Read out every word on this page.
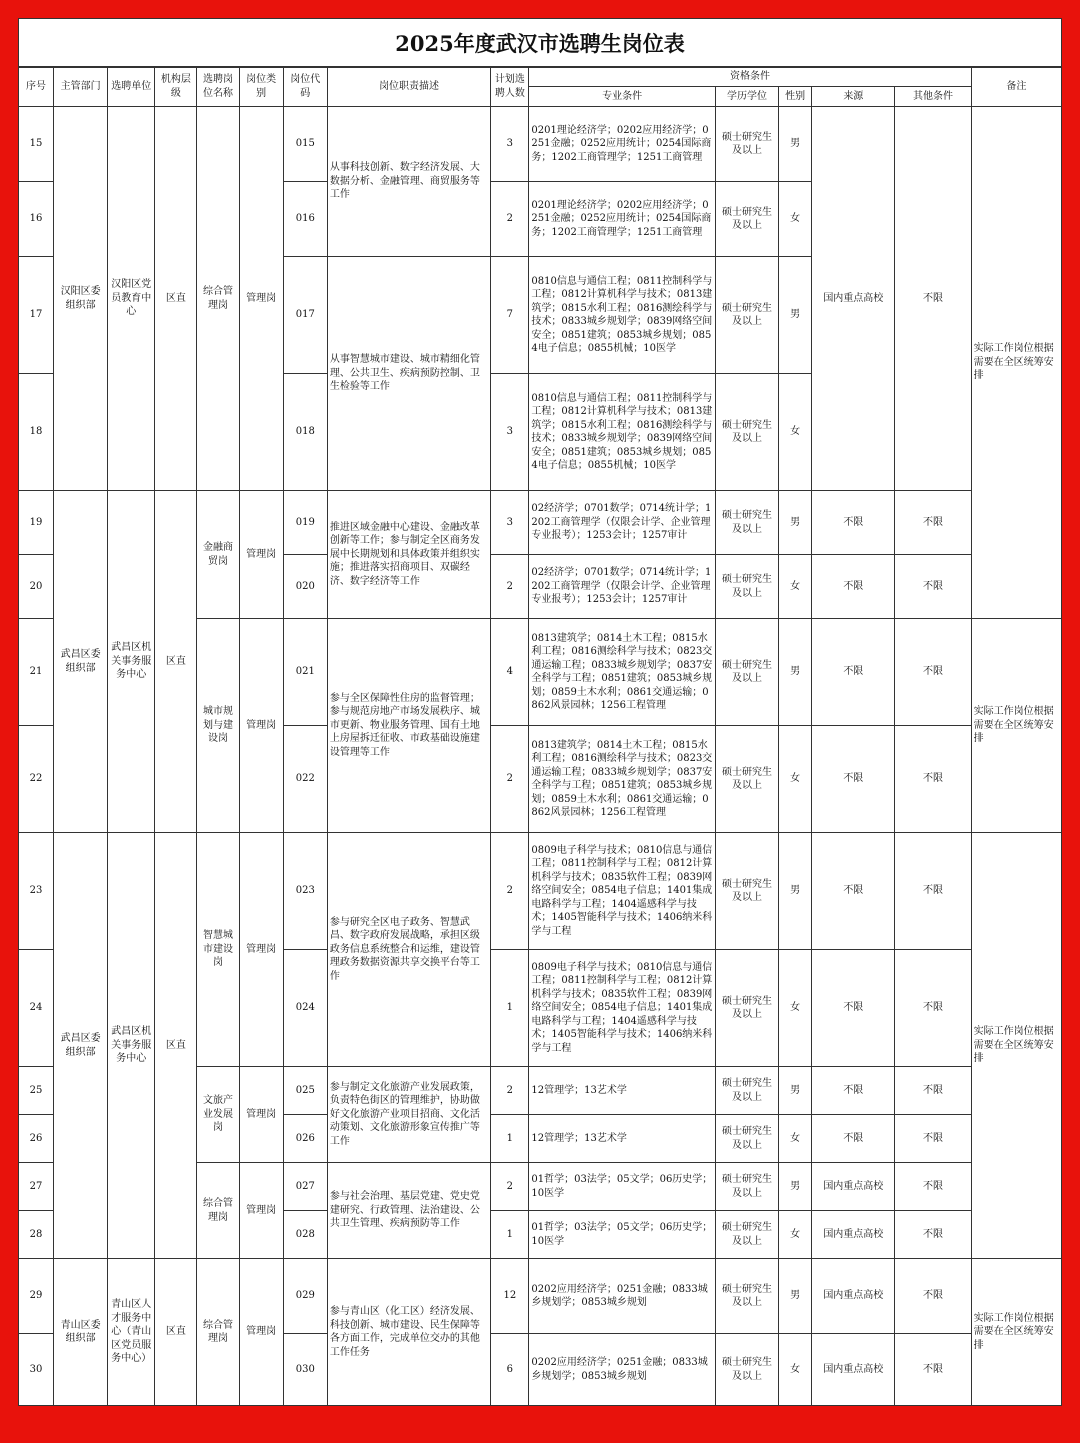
2025年度武汉市选聘生岗位表
序号	主管部门	选聘单位	机构层级	选聘岗位名称	岗位类别	岗位代码	岗位职责描述	计划选聘人数	资格条件					备注
									专业条件	学历学位	性别	来源	其他条件	
15	汉阳区委组织部	汉阳区党员教育中心	区直	综合管理岗	管理岗	015	从事科技创新、数字经济发展、大数据分析、金融管理、商贸服务等工作	3	0201理论经济学；0202应用经济学；0251金融；0252应用统计；0254国际商务；1202工商管理学；1251工商管理	硕士研究生及以上	男	国内重点高校	不限	实际工作岗位根据需要在全区统筹安排
16						016		2	0201理论经济学；0202应用经济学；0251金融；0252应用统计；0254国际商务；1202工商管理学；1251工商管理	硕士研究生及以上	女			
17						017	从事智慧城市建设、城市精细化管理、公共卫生、疾病预防控制、卫生检验等工作	7	0810信息与通信工程；0811控制科学与工程；0812计算机科学与技术；0813建筑学；0815水利工程；0816测绘科学与技术；0833城乡规划学；0839网络空间安全；0851建筑；0853城乡规划；0854电子信息；0855机械；10医学	硕士研究生及以上	男			
18						018		3	0810信息与通信工程；0811控制科学与工程；0812计算机科学与技术；0813建筑学；0815水利工程；0816测绘科学与技术；0833城乡规划学；0839网络空间安全；0851建筑；0853城乡规划；0854电子信息；0855机械；10医学	硕士研究生及以上	女			
19	武昌区委组织部	武昌区机关事务服务中心	区直	金融商贸岗	管理岗	019	推进区域金融中心建设、金融改革创新等工作；参与制定全区商务发展中长期规划和具体政策并组织实施；推进落实招商项目、双碳经济、数字经济等工作	3	02经济学；0701数学；0714统计学；1202工商管理学（仅限会计学、企业管理专业报考）；1253会计；1257审计	硕士研究生及以上	男	不限	不限	
20						020		2	02经济学；0701数学；0714统计学；1202工商管理学（仅限会计学、企业管理专业报考）；1253会计；1257审计	硕士研究生及以上	女	不限	不限	
21				城市规划与建设岗	管理岗	021	参与全区保障性住房的监督管理；参与规范房地产市场发展秩序、城市更新、物业服务管理、国有土地上房屋拆迁征收、市政基础设施建设管理等工作	4	0813建筑学；0814土木工程；0815水利工程；0816测绘科学与技术；0823交通运输工程；0833城乡规划学；0837安全科学与工程；0851建筑；0853城乡规划；0859土木水利；0861交通运输；0862风景园林；1256工程管理	硕士研究生及以上	男	不限	不限	实际工作岗位根据需要在全区统筹安排
22						022		2	0813建筑学；0814土木工程；0815水利工程；0816测绘科学与技术；0823交通运输工程；0833城乡规划学；0837安全科学与工程；0851建筑；0853城乡规划；0859土木水利；0861交通运输；0862风景园林；1256工程管理	硕士研究生及以上	女	不限	不限	
23	武昌区委组织部	武昌区机关事务服务中心	区直	智慧城市建设岗	管理岗	023	参与研究全区电子政务、智慧武昌、数字政府发展战略，承担区级政务信息系统整合和运维，建设管理政务数据资源共享交换平台等工作	2	0809电子科学与技术；0810信息与通信工程；0811控制科学与工程；0812计算机科学与技术；0835软件工程；0839网络空间安全；0854电子信息；1401集成电路科学与工程；1404遥感科学与技术；1405智能科学与技术；1406纳米科学与工程	硕士研究生及以上	男	不限	不限	实际工作岗位根据需要在全区统筹安排
24						024		1	0809电子科学与技术；0810信息与通信工程；0811控制科学与工程；0812计算机科学与技术；0835软件工程；0839网络空间安全；0854电子信息；1401集成电路科学与工程；1404遥感科学与技术；1405智能科学与技术；1406纳米科学与工程	硕士研究生及以上	女	不限	不限	
25				文旅产业发展岗	管理岗	025	参与制定文化旅游产业发展政策，负责特色街区的管理维护，协助做好文化旅游产业项目招商、文化活动策划、文化旅游形象宣传推广等工作	2	12管理学；13艺术学	硕士研究生及以上	男	不限	不限	
26						026		1	12管理学；13艺术学	硕士研究生及以上	女	不限	不限	
27				综合管理岗	管理岗	027	参与社会治理、基层党建、党史党建研究、行政管理、法治建设、公共卫生管理、疾病预防等工作	2	01哲学；03法学；05文学；06历史学；10医学	硕士研究生及以上	男	国内重点高校	不限	
28						028		1	01哲学；03法学；05文学；06历史学；10医学	硕士研究生及以上	女	国内重点高校	不限	
29	青山区委组织部	青山区人才服务中心（青山区党员服务中心）	区直	综合管理岗	管理岗	029	参与青山区（化工区）经济发展、科技创新、城市建设、民生保障等各方面工作，完成单位交办的其他工作任务	12	0202应用经济学；0251金融；0833城乡规划学；0853城乡规划	硕士研究生及以上	男	国内重点高校	不限	实际工作岗位根据需要在全区统筹安排
30						030		6	0202应用经济学；0251金融；0833城乡规划学；0853城乡规划	硕士研究生及以上	女	国内重点高校	不限	
